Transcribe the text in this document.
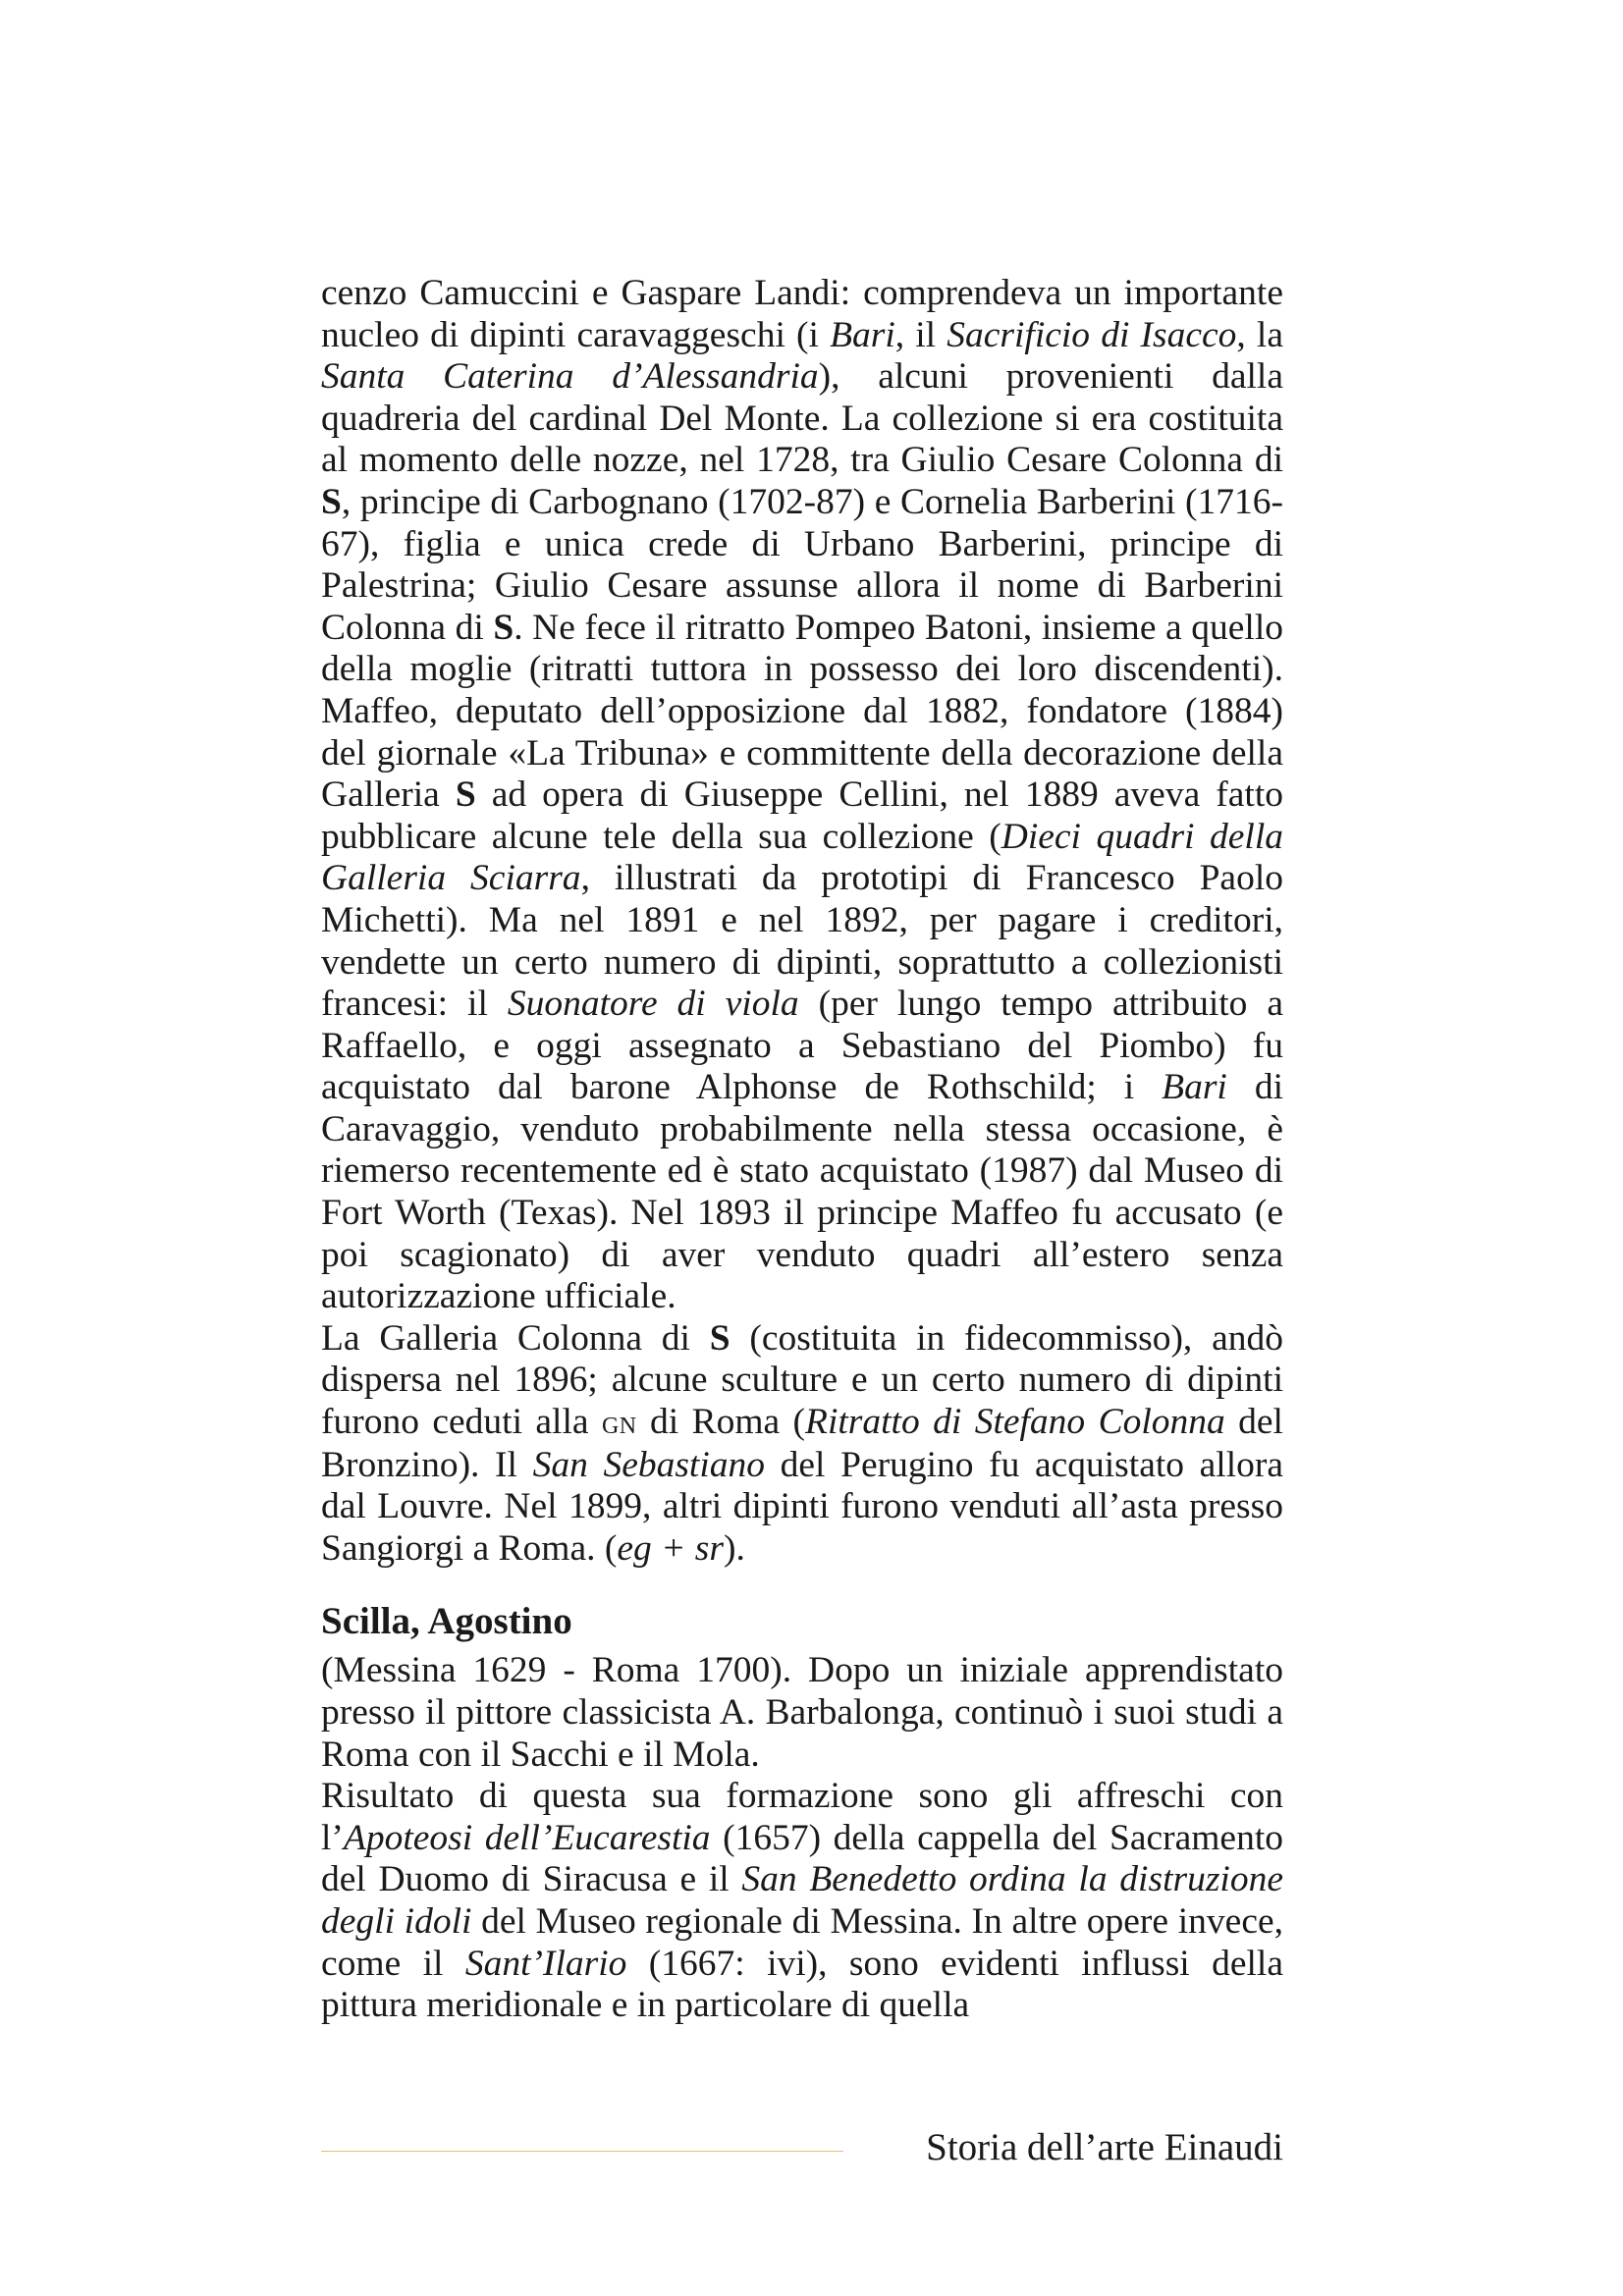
cenzo Camuccini e Gaspare Landi: comprendeva un importante nucleo di dipinti caravaggeschi (i Bari, il Sacrificio di Isacco, la Santa Caterina d’Alessandria), alcuni provenienti dalla quadreria del cardinal Del Monte. La collezione si era costituita al momento delle nozze, nel 1728, tra Giulio Cesare Colonna di S, principe di Carbognano (1702-87) e Cornelia Barberini (1716-67), figlia e unica crede di Urbano Barberini, principe di Palestrina; Giulio Cesare assunse allora il nome di Barberini Colonna di S. Ne fece il ritratto Pompeo Batoni, insieme a quello della moglie (ritratti tuttora in possesso dei loro discendenti). Maffeo, deputato dell’opposizione dal 1882, fondatore (1884) del giornale «La Tribuna» e committente della decorazione della Galleria S ad opera di Giuseppe Cellini, nel 1889 aveva fatto pubblicare alcune tele della sua collezione (Dieci quadri della Galleria Sciarra, illustrati da prototipi di Francesco Paolo Michetti). Ma nel 1891 e nel 1892, per pagare i creditori, vendette un certo numero di dipinti, soprattutto a collezionisti francesi: il Suonatore di viola (per lungo tempo attribuito a Raffaello, e oggi assegnato a Sebastiano del Piombo) fu acquistato dal barone Alphonse de Rothschild; i Bari di Caravaggio, venduto probabilmente nella stessa occasione, è riemerso recentemente ed è stato acquistato (1987) dal Museo di Fort Worth (Texas). Nel 1893 il principe Maffeo fu accusato (e poi scagionato) di aver venduto quadri all’estero senza autorizzazione ufficiale.

La Galleria Colonna di S (costituita in fidecommisso), andò dispersa nel 1896; alcune sculture e un certo numero di dipinti furono ceduti alla gn di Roma (Ritratto di Stefano Colonna del Bronzino). Il San Sebastiano del Perugino fu acquistato allora dal Louvre. Nel 1899, altri dipinti furono venduti all’asta presso Sangiorgi a Roma. (eg + sr).

Scilla, Agostino

(Messina 1629 - Roma 1700). Dopo un iniziale apprendistato presso il pittore classicista A. Barbalonga, continuò i suoi studi a Roma con il Sacchi e il Mola.

Risultato di questa sua formazione sono gli affreschi con l’Apoteosi dell’Eucarestia (1657) della cappella del Sacramento del Duomo di Siracusa e il San Benedetto ordina la distruzione degli idoli del Museo regionale di Messina. In altre opere invece, come il Sant’Ilario (1667: ivi), sono evidenti influssi della pittura meridionale e in particolare di quella

Storia dell’arte Einaudi
